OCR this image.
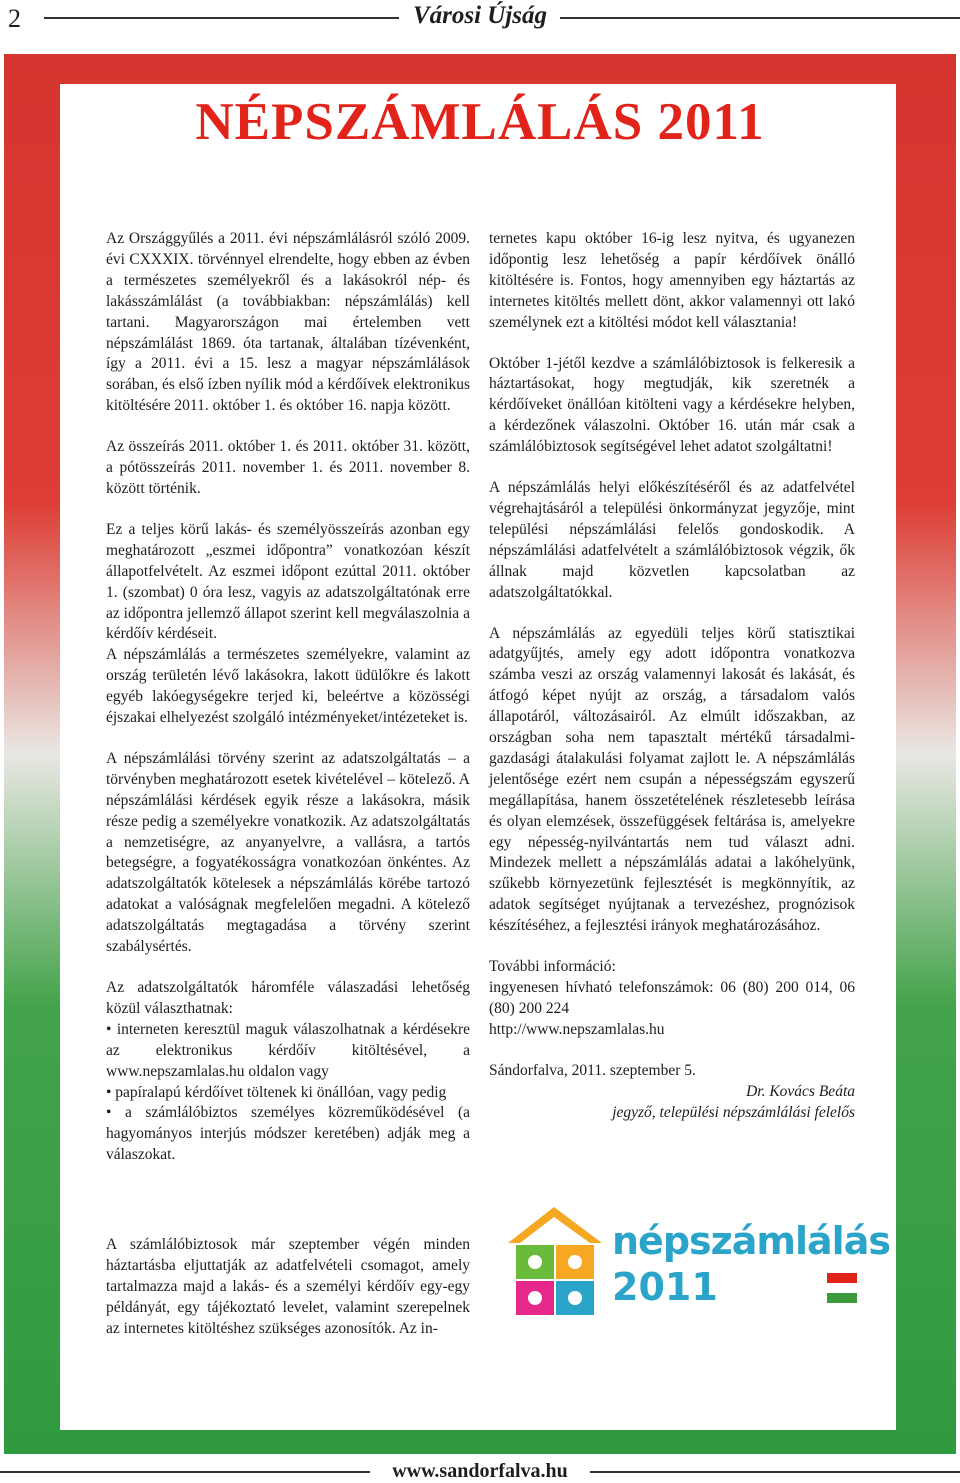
2	Városi Újság
NÉPSZÁMLÁLÁS 2011

Az Országgyűlés a 2011. évi népszámlálásról szóló 2009. évi CXXXIX. törvénnyel elrendelte, hogy ebben az évben a természetes személyekről és a lakásokról nép- és lakásszámlálást (a továbbiakban: népszámlálás) kell tartani. Magyarországon mai értelemben vett népszámlálást 1869. óta tartanak, általában tízévenként, így a 2011. évi a 15. lesz a magyar népszámlálások sorában, és első ízben nyílik mód a kérdőívek elektronikus kitöltésére 2011. október 1. és október 16. napja között.

Az összeírás 2011. október 1. és 2011. október 31. között, a pótösszeírás 2011. november 1. és 2011. november 8. között történik.

Ez a teljes körű lakás- és személyösszeírás azonban egy meghatározott „eszmei időpontra” vonatkozóan készít állapotfelvételt. Az eszmei időpont ezúttal 2011. október 1. (szombat) 0 óra lesz, vagyis az adatszolgáltatónak erre az időpontra jellemző állapot szerint kell megválaszolnia a kérdőív kérdéseit.

A népszámlálás a természetes személyekre, valamint az ország területén lévő lakásokra, lakott üdülőkre és lakott egyéb lakóegységekre terjed ki, beleértve a közösségi éjszakai elhelyezést szolgáló intézményeket/intézeteket is.

A népszámlálási törvény szerint az adatszolgáltatás – a törvényben meghatározott esetek kivételével – kötelező. A népszámlálási kérdések egyik része a lakásokra, másik része pedig a személyekre vonatkozik. Az adatszolgáltatás a nemzetiségre, az anyanyelvre, a vallásra, a tartós betegségre, a fogyatékosságra vonatkozóan önkéntes. Az adatszolgáltatók kötelesek a népszámlálás körébe tartozó adatokat a valóságnak megfelelően megadni. A kötelező adatszolgáltatás megtagadása a törvény szerint szabálysértés.

Az adatszolgáltatók háromféle válaszadási lehetőség közül választhatnak:

• interneten keresztül maguk válaszolhatnak a kérdésekre az elektronikus kérdőív kitöltésével, a www.nepszamlalas.hu oldalon vagy
• papíralapú kérdőívet töltenek ki önállóan, vagy pedig
• a számlálóbiztos személyes közreműködésével (a hagyományos interjús módszer keretében) adják meg a válaszokat.
A számlálóbiztosok már szeptember végén minden háztartásba eljuttatják az adatfelvételi csomagot, amely tartalmazza majd a lakás- és a személyi kérdőív egy-egy példányát, egy tájékoztató levelet, valamint szerepelnek az internetes kitöltéshez szükséges azonosítók. Az in-

ternetes kapu október 16-ig lesz nyitva, és ugyanezen időpontig lesz lehetőség a papír kérdőívek önálló kitöltésére is. Fontos, hogy amennyiben egy háztartás az internetes kitöltés mellett dönt, akkor valamennyi ott lakó személynek ezt a kitöltési módot kell választania!

Október 1-jétől kezdve a számlálóbiztosok is felkeresik a háztartásokat, hogy megtudják, kik szeretnék a kérdőíveket önállóan kitölteni vagy a kérdésekre helyben, a kérdezőnek válaszolni. Október 16. után már csak a számlálóbiztosok segítségével lehet adatot szolgáltatni!

A népszámlálás helyi előkészítéséről és az adatfelvétel végrehajtásáról a települési önkormányzat jegyzője, mint települési népszámlálási felelős gondoskodik. A népszámlálási adatfelvételt a számlálóbiztosok végzik, ők állnak majd közvetlen kapcsolatban az adatszolgáltatókkal.

A népszámlálás az egyedüli teljes körű statisztikai adatgyűjtés, amely egy adott időpontra vonatkozva számba veszi az ország valamennyi lakosát és lakását, és átfogó képet nyújt az ország, a társadalom valós állapotáról, változásairól. Az elmúlt időszakban, az országban soha nem tapasztalt mértékű társadalmi-gazdasági átalakulási folyamat zajlott le. A népszámlálás jelentősége ezért nem csupán a népességszám egyszerű megállapítása, hanem összetételének részletesebb leírása és olyan elemzések, összefüggések feltárása is, amelyekre egy népesség-nyilvántartás nem tud választ adni. Mindezek mellett a népszámlálás adatai a lakóhelyünk, szűkebb környezetünk fejlesztését is megkönnyítik, az adatok segítséget nyújtanak a tervezéshez, prognózisok készítéséhez, a fejlesztési irányok meghatározásához.

További információ:

ingyenesen hívható telefonszámok: 06 (80) 200 014, 06 (80) 200 224

http://www.nepszamlalas.hu

Sándorfalva, 2011. szeptember 5.

Dr. Kovács Beáta

jegyző, települési népszámlálási felelős

népszámlálás
2011
www.sandorfalva.hu
